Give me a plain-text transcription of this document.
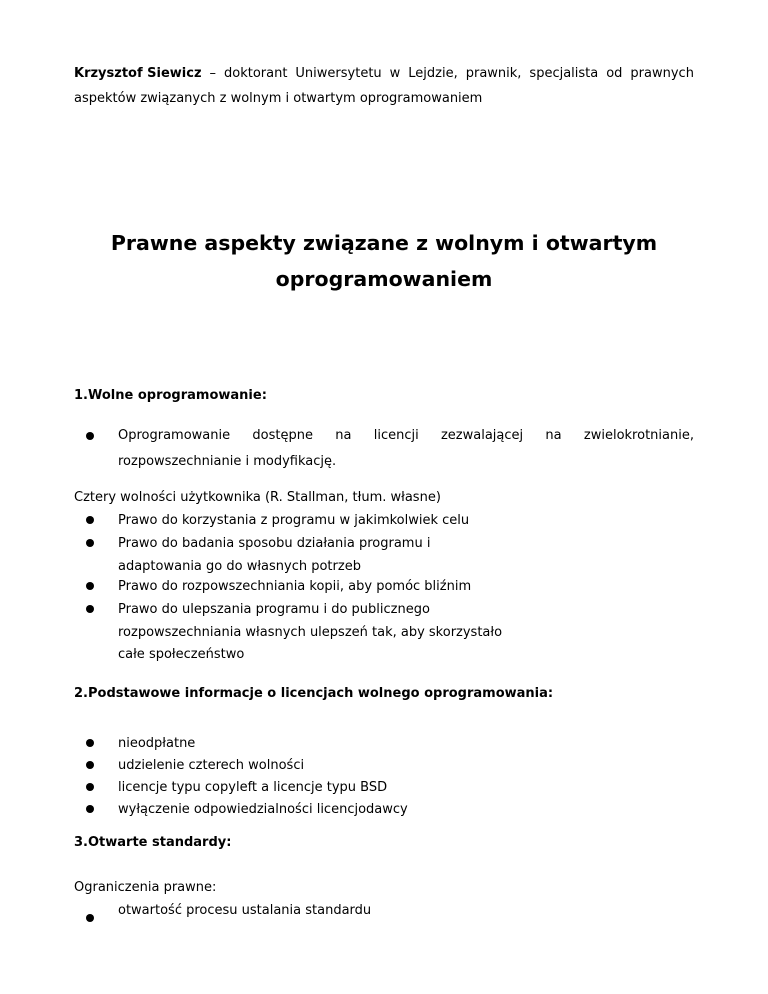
Krzysztof Siewicz – doktorant Uniwersytetu w Lejdzie, prawnik, specjalista od prawnych
aspektów związanych z wolnym i otwartym oprogramowaniem
Prawne aspekty związane z wolnym i otwartym
oprogramowaniem
1.Wolne oprogramowanie:
Oprogramowanie dostępne na licencji zezwalającej na zwielokrotnianie,
rozpowszechnianie i modyfikację.
Cztery wolności użytkownika (R. Stallman, tłum. własne)
Prawo do korzystania z programu w jakimkolwiek celu
Prawo do badania sposobu działania programu i
adaptowania go do własnych potrzeb
Prawo do rozpowszechniania kopii, aby pomóc bliźnim
Prawo do ulepszania programu i do publicznego
rozpowszechniania własnych ulepszeń tak, aby skorzystało
całe społeczeństwo
2.Podstawowe informacje o licencjach wolnego oprogramowania:
nieodpłatne
udzielenie czterech wolności
licencje typu copyleft a licencje typu BSD
wyłączenie odpowiedzialności licencjodawcy
3.Otwarte standardy:
Ograniczenia prawne:
otwartość procesu ustalania standardu
